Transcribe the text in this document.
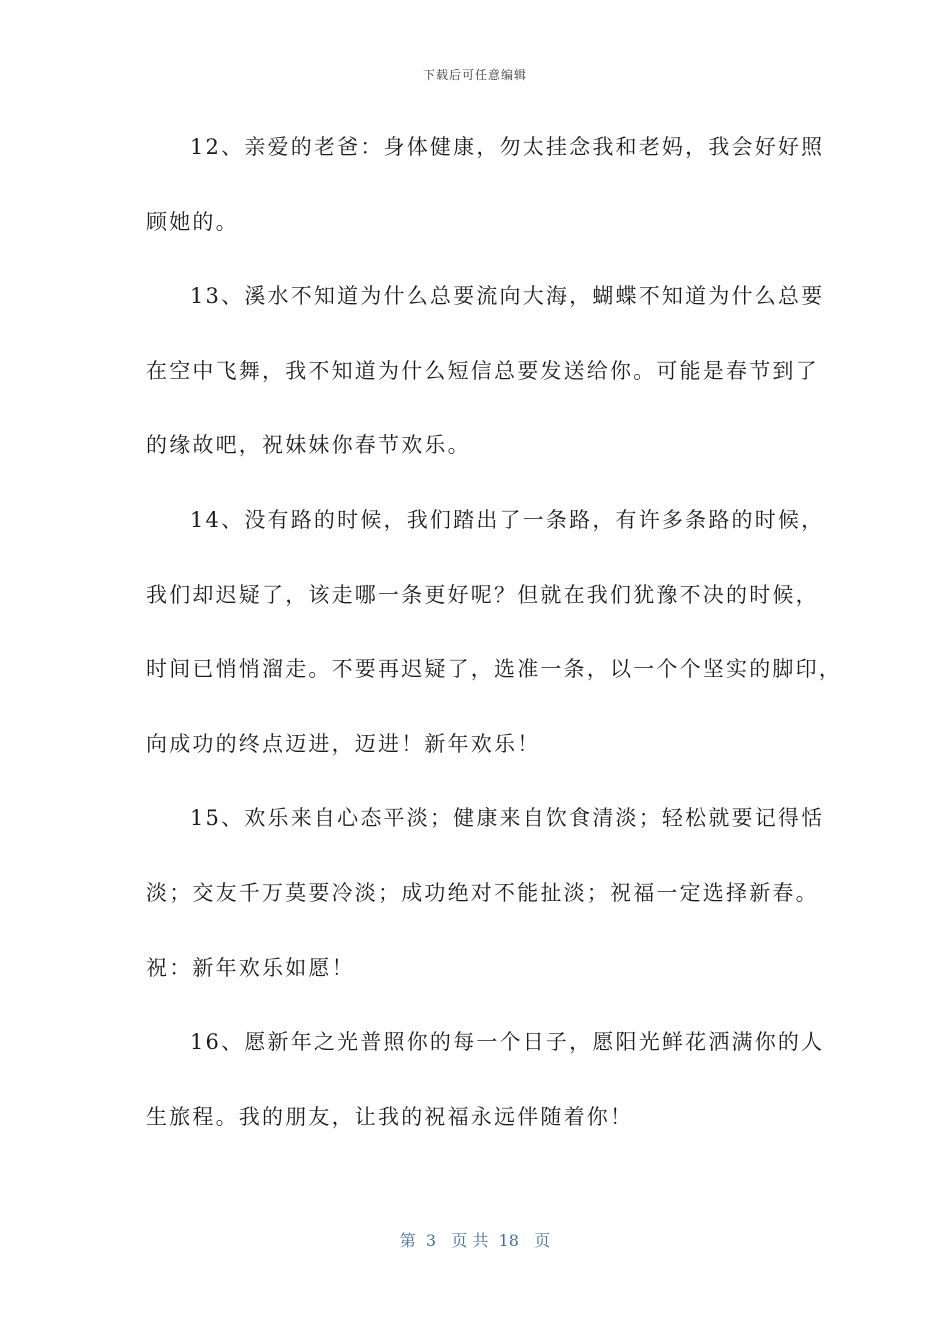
下载后可任意编辑
12、亲爱的老爸：身体健康，勿太挂念我和老妈，我会好好照
顾她的。
13、溪水不知道为什么总要流向大海，蝴蝶不知道为什么总要
在空中飞舞，我不知道为什么短信总要发送给你。可能是春节到了
的缘故吧，祝妹妹你春节欢乐。
14、没有路的时候，我们踏出了一条路，有许多条路的时候，
我们却迟疑了，该走哪一条更好呢？但就在我们犹豫不决的时候，
时间已悄悄溜走。不要再迟疑了，选准一条，以一个个坚实的脚印，
向成功的终点迈进，迈进！新年欢乐！
15、欢乐来自心态平淡；健康来自饮食清淡；轻松就要记得恬
淡；交友千万莫要冷淡；成功绝对不能扯淡；祝福一定选择新春。
祝：新年欢乐如愿！
16、愿新年之光普照你的每一个日子，愿阳光鲜花洒满你的人
生旅程。我的朋友，让我的祝福永远伴随着你！
第  3   页 共  18   页
